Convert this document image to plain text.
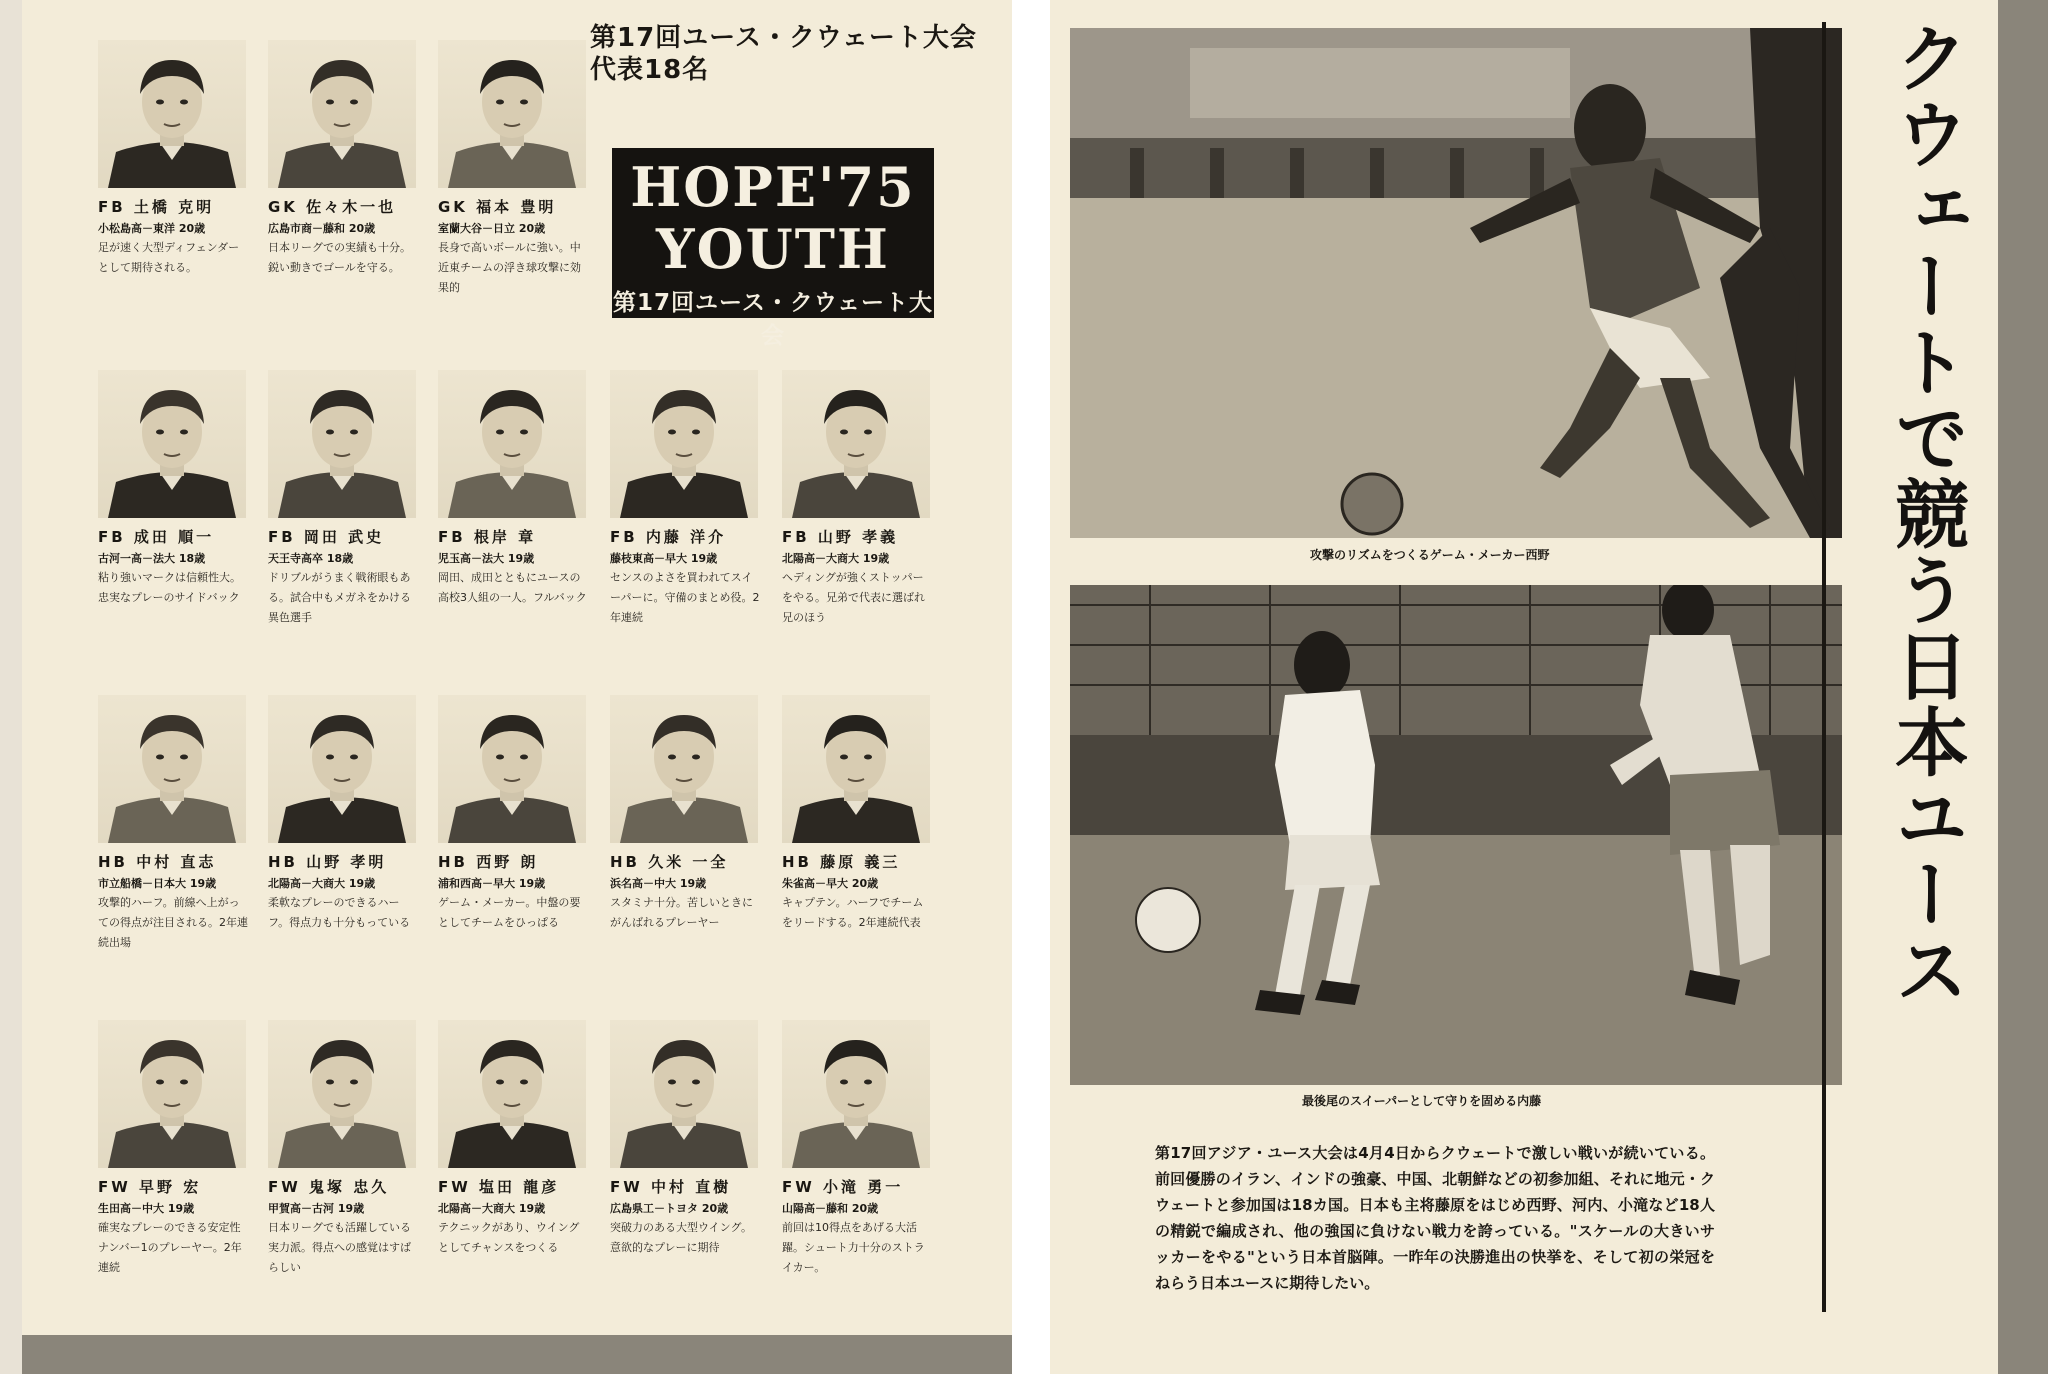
第17回ユース・クウェート大会
代表18名
HOPE'75
YOUTH
第17回ユース・クウェート大会
FB 土橋 克明
小松島高－東洋 20歳
足が速く大型ディフェンダーとして期待される。
GK 佐々木一也
広島市商－藤和 20歳
日本リーグでの実績も十分。鋭い動きでゴールを守る。
GK 福本 豊明
室蘭大谷－日立 20歳
長身で高いボールに強い。中近東チームの浮き球攻撃に効果的
FB 成田 順一
古河一高－法大 18歳
粘り強いマークは信頼性大。忠実なプレーのサイドバック
FB 岡田 武史
天王寺高卒 18歳
ドリブルがうまく戦術眼もある。試合中もメガネをかける異色選手
FB 根岸 章
児玉高－法大 19歳
岡田、成田とともにユースの高校3人組の一人。フルバック
FB 内藤 洋介
藤枝東高－早大 19歳
センスのよさを買われてスイーパーに。守備のまとめ役。2年連続
FB 山野 孝義
北陽高－大商大 19歳
ヘディングが強くストッパーをやる。兄弟で代表に選ばれ兄のほう
HB 中村 直志
市立船橋－日本大 19歳
攻撃的ハーフ。前線へ上がっての得点が注目される。2年連続出場
HB 山野 孝明
北陽高－大商大 19歳
柔軟なプレーのできるハーフ。得点力も十分もっている
HB 西野 朗
浦和西高－早大 19歳
ゲーム・メーカー。中盤の要としてチームをひっぱる
HB 久米 一全
浜名高－中大 19歳
スタミナ十分。苦しいときにがんばれるプレーヤー
HB 藤原 義三
朱雀高－早大 20歳
キャプテン。ハーフでチームをリードする。2年連続代表
FW 早野 宏
生田高－中大 19歳
確実なプレーのできる安定性ナンバー1のプレーヤー。2年連続
FW 鬼塚 忠久
甲賀高－古河 19歳
日本リーグでも活躍している実力派。得点への感覚はすばらしい
FW 塩田 龍彦
北陽高－大商大 19歳
テクニックがあり、ウイングとしてチャンスをつくる
FW 中村 直樹
広島県工－トヨタ 20歳
突破力のある大型ウイング。意欲的なプレーに期待
FW 小滝 勇一
山陽高－藤和 20歳
前回は10得点をあげる大活躍。シュート力十分のストライカー。
攻撃のリズムをつくるゲーム・メーカー西野
最後尾のスイーパーとして守りを固める内藤
クウェートで競う日本ユース
第17回アジア・ユース大会は4月4日からクウェートで激しい戦いが続いている。前回優勝のイラン、インドの強豪、中国、北朝鮮などの初参加組、それに地元・クウェートと参加国は18カ国。日本も主将藤原をはじめ西野、河内、小滝など18人の精鋭で編成され、他の強国に負けない戦力を誇っている。"スケールの大きいサッカーをやる"という日本首脳陣。一昨年の決勝進出の快挙を、そして初の栄冠をねらう日本ユースに期待したい。
